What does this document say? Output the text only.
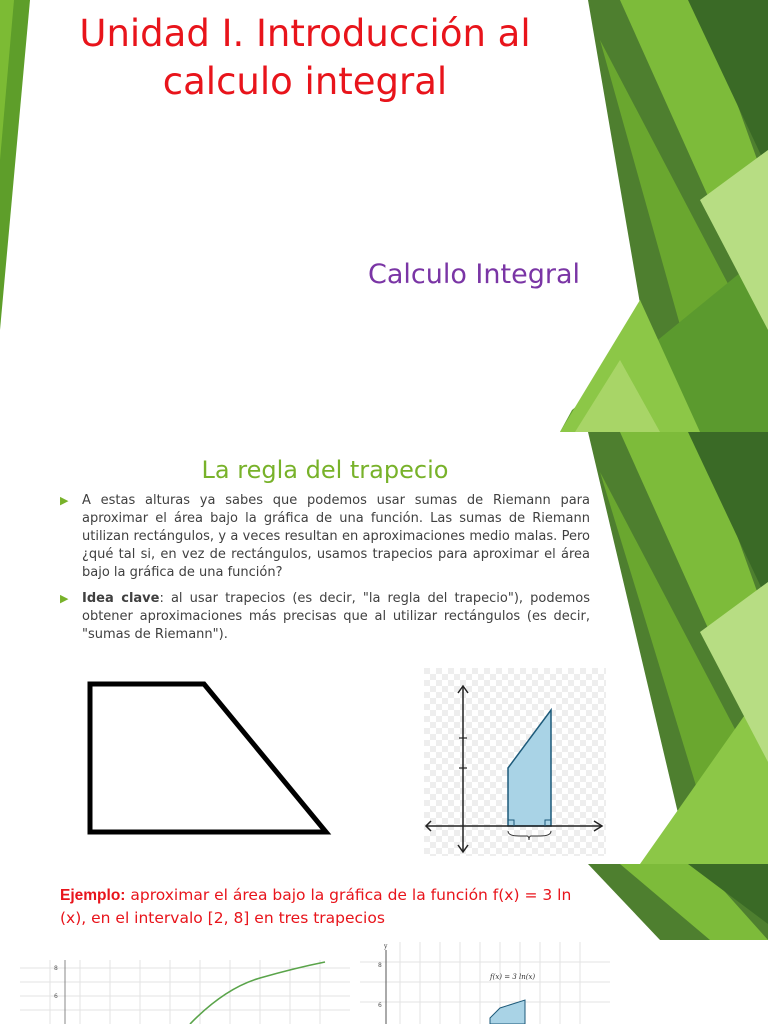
Unidad I. Introducción al calculo integral

Calculo Integral

La regla del trapecio
▶ A estas alturas ya sabes que podemos usar sumas de Riemann para aproximar el área bajo la gráfica de una función. Las sumas de Riemann utilizan rectángulos, y a veces resultan en aproximaciones medio malas. Pero ¿qué tal si, en vez de rectángulos, usamos trapecios para aproximar el área bajo la gráfica de una función?
▶ Idea clave: al usar trapecios (es decir, "la regla del trapecio"), podemos obtener aproximaciones más precisas que al utilizar rectángulos (es decir, "sumas de Riemann").

Ejemplo: aproximar el área bajo la gráfica de la función f(x) = 3 ln (x), en el intervalo [2, 8] en tres trapecios

8
6
y
8
6
f(x) = 3 ln(x)
